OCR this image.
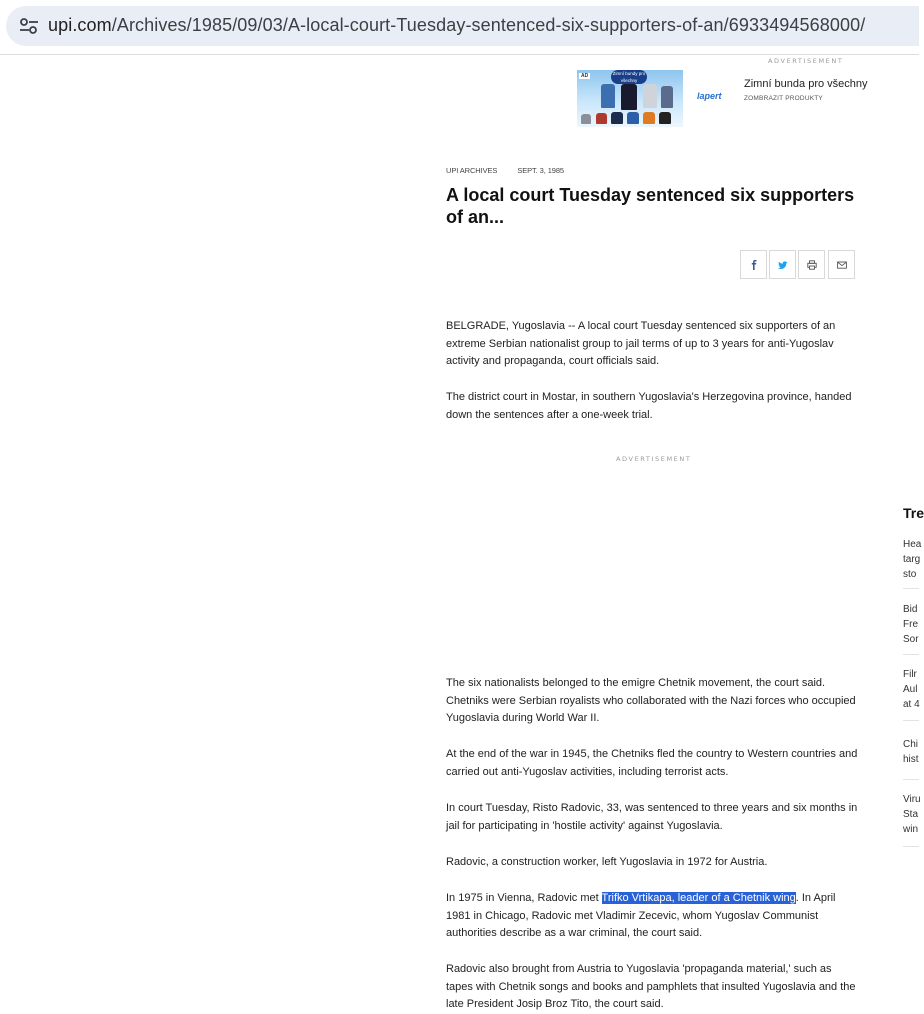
upi.com/Archives/1985/09/03/A-local-court-Tuesday-sentenced-six-supporters-of-an/6933494568000/
ADVERTISEMENT
AD	Zimní bundy pro všechny
lapert
Zimní bunda pro všechny
ZOMBRAZIT PRODUKTY
UPI ARCHIVES	SEPT. 3, 1985
A local court Tuesday sentenced six supporters of an...

BELGRADE, Yugoslavia -- A local court Tuesday sentenced six supporters of an extreme Serbian nationalist group to jail terms of up to 3 years for anti-Yugoslav activity and propaganda, court officials said.

The district court in Mostar, in southern Yugoslavia's Herzegovina province, handed down the sentences after a one-week trial.

ADVERTISEMENT

The six nationalists belonged to the emigre Chetnik movement, the court said. Chetniks were Serbian royalists who collaborated with the Nazi forces who occupied Yugoslavia during World War II.

At the end of the war in 1945, the Chetniks fled the country to Western countries and carried out anti-Yugoslav activities, including terrorist acts.

In court Tuesday, Risto Radovic, 33, was sentenced to three years and six months in jail for participating in 'hostile activity' against Yugoslavia.

Radovic, a construction worker, left Yugoslavia in 1972 for Austria.

In 1975 in Vienna, Radovic met Trifko Vrtikapa, leader of a Chetnik wing. In April 1981 in Chicago, Radovic met Vladimir Zecevic, whom Yugoslav Communist authorities describe as a war criminal, the court said.

Radovic also brought from Austria to Yugoslavia 'propaganda material,' such as tapes with Chetnik songs and books and pamphlets that insulted Yugoslavia and the late President Josip Broz Tito, the court said.

Tre
Hea
targ
sto
Bid
Fre
Sor
Filr
Aul
at 4
Chi
hist
Viru
Sta
win
